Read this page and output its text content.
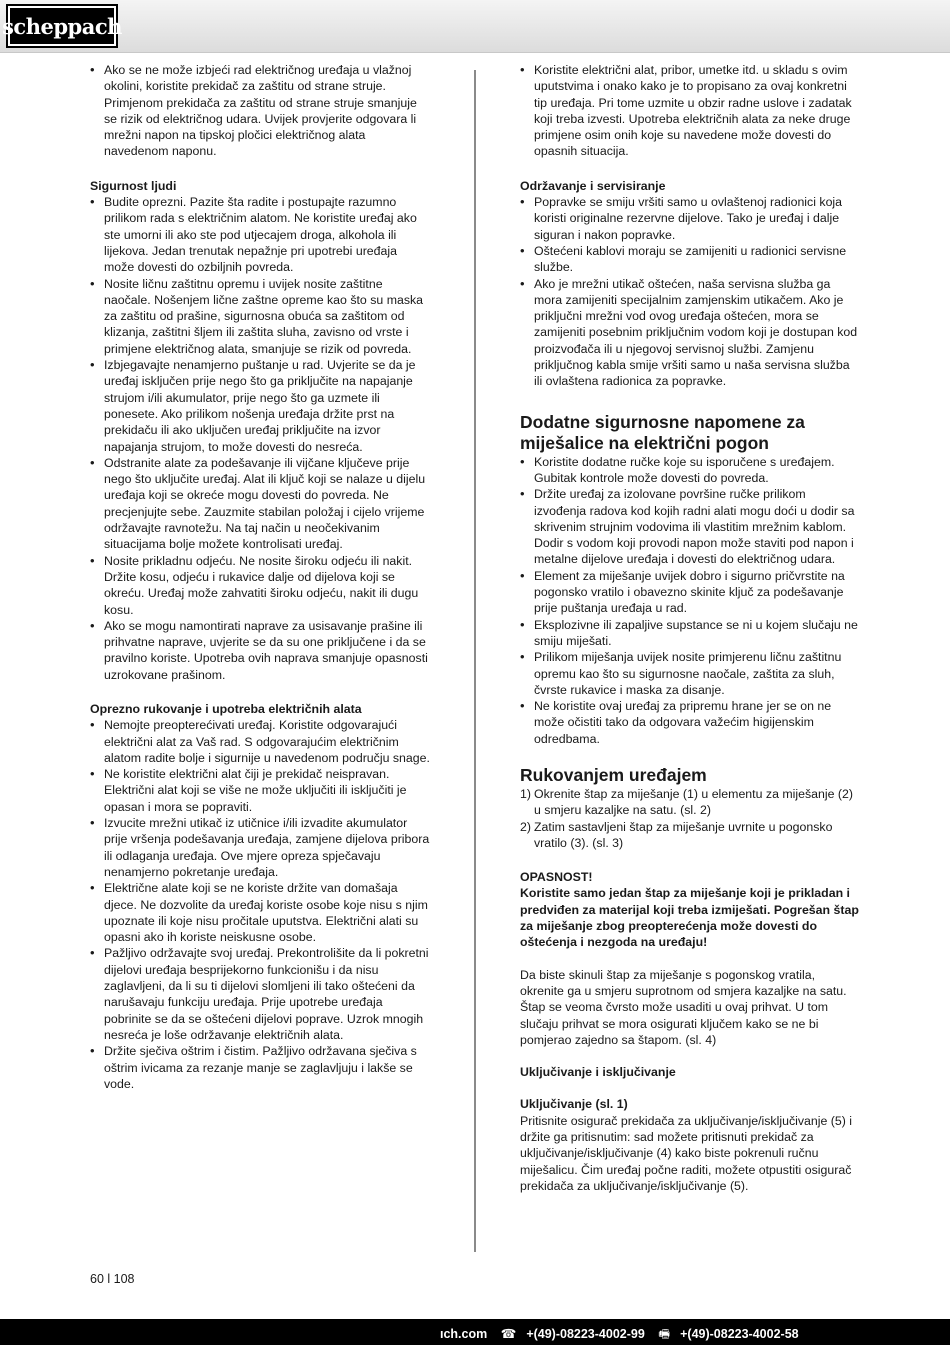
scheppach
• Ako se ne može izbjeći rad električnog uređaja u vlažnoj okolini, koristite prekidač za zaštitu od strane struje. Primjenom prekidača za zaštitu od strane struje smanjuje se rizik od električnog udara. Uvijek provjerite odgovara li mrežni napon na tipskoj pločici električnog alata navedenom naponu.

Sigurnost ljudi

• Budite oprezni. Pazite šta radite i postupajte razumno prilikom rada s električnim alatom. Ne koristite uređaj ako ste umorni ili ako ste pod utjecajem droga, alkohola ili lijekova. Jedan trenutak nepažnje pri upotrebi uređaja može dovesti do ozbiljnih povreda.
• Nosite ličnu zaštitnu opremu i uvijek nosite zaštitne naočale. Nošenjem lične zaštne opreme kao što su maska za zaštitu od prašine, sigurnosna obuća sa zaštitom od klizanja, zaštitni šljem ili zaštita sluha, zavisno od vrste i primjene električnog alata, smanjuje se rizik od povreda.
• Izbjegavajte nenamjerno puštanje u rad. Uvjerite se da je uređaj isključen prije nego što ga priključite na napajanje strujom i/ili akumulator, prije nego što ga uzmete ili ponesete. Ako prilikom nošenja uređaja držite prst na prekidaču ili ako uključen uređaj priključite na izvor napajanja strujom, to može dovesti do nesreća.
• Odstranite alate za podešavanje ili vijčane ključeve prije nego što uključite uređaj. Alat ili ključ koji se nalaze u dijelu uređaja koji se okreće mogu dovesti do povreda. Ne precjenjujte sebe. Zauzmite stabilan položaj i cijelo vrijeme održavajte ravnotežu. Na taj način u neočekivanim situacijama bolje možete kontrolisati uređaj.
• Nosite prikladnu odjeću. Ne nosite široku odjeću ili nakit. Držite kosu, odjeću i rukavice dalje od dijelova koji se okreću. Uređaj može zahvatiti široku odjeću, nakit ili dugu kosu.
• Ako se mogu namontirati naprave za usisavanje prašine ili prihvatne naprave, uvjerite se da su one priključene i da se pravilno koriste. Upotreba ovih naprava smanjuje opasnosti uzrokovane prašinom.

Oprezno rukovanje i upotreba električnih alata

• Nemojte preopterećivati uređaj. Koristite odgovarajući električni alat za Vaš rad. S odgovarajućim električnim alatom radite bolje i sigurnije u navedenom području snage.
• Ne koristite električni alat čiji je prekidač neispravan. Električni alat koji se više ne može uključiti ili isključiti je opasan i mora se popraviti.
• Izvucite mrežni utikač iz utičnice i/ili izvadite akumulator prije vršenja podešavanja uređaja, zamjene dijelova pribora ili odlaganja uređaja. Ove mjere opreza spječavaju nenamjerno pokretanje uređaja.
• Električne alate koji se ne koriste držite van domašaja djece. Ne dozvolite da uređaj koriste osobe koje nisu s njim upoznate ili koje nisu pročitale uputstva. Električni alati su opasni ako ih koriste neiskusne osobe.
• Pažljivo održavajte svoj uređaj. Prekontrolišite da li pokretni dijelovi uređaja besprijekorno funkcionišu i da nisu zaglavljeni, da li su ti dijelovi slomljeni ili tako oštećeni da narušavaju funkciju uređaja. Prije upotrebe uređaja pobrinite se da se oštećeni dijelovi poprave. Uzrok mnogih nesreća je loše održavanje električnih alata.
• Držite sječiva oštrim i čistim. Pažljivo održavana sječiva s oštrim ivicama za rezanje manje se zaglavljuju i lakše se vode.
• Koristite električni alat, pribor, umetke itd. u skladu s ovim uputstvima i onako kako je to propisano za ovaj konkretni tip uređaja. Pri tome uzmite u obzir radne uslove i zadatak koji treba izvesti. Upotreba električnih alata za neke druge primjene osim onih koje su navedene može dovesti do opasnih situacija.

Održavanje i servisiranje

• Popravke se smiju vršiti samo u ovlaštenoj radionici koja koristi originalne rezervne dijelove. Tako je uređaj i dalje siguran i nakon popravke.
• Oštećeni kablovi moraju se zamijeniti u radionici servisne službe.
• Ako je mrežni utikač oštećen, naša servisna služba ga mora zamijeniti specijalnim zamjenskim utikačem. Ako je priključni mrežni vod ovog uređaja oštećen, mora se zamijeniti posebnim priključnim vodom koji je dostupan kod proizvođača ili u njegovoj servisnoj službi. Zamjenu priključnog kabla smije vršiti samo u naša servisna služba ili ovlaštena radionica za popravke.

Dodatne sigurnosne napomene za miješalice na električni pogon

• Koristite dodatne ručke koje su isporučene s uređajem. Gubitak kontrole može dovesti do povreda.
• Držite uređaj za izolovane površine ručke prilikom izvođenja radova kod kojih radni alati mogu doći u dodir sa skrivenim strujnim vodovima ili vlastitim mrežnim kablom. Dodir s vodom koji provodi napon može staviti pod napon i metalne dijelove uređaja i dovesti do električnog udara.
• Element za miješanje uvijek dobro i sigurno pričvrstite na pogonsko vratilo i obavezno skinite ključ za podešavanje prije puštanja uređaja u rad.
• Eksplozivne ili zapaljive supstance se ni u kojem slučaju ne smiju miješati.
• Prilikom miješanja uvijek nosite primjerenu ličnu zaštitnu opremu kao što su sigurnosne naočale, zaštita za sluh, čvrste rukavice i maska za disanje.
• Ne koristite ovaj uređaj za pripremu hrane jer se on ne može očistiti tako da odgovara važećim higijenskim odredbama.

Rukovanjem uređajem

1) Okrenite štap za miješanje (1) u elementu za miješanje (2) u smjeru kazaljke na satu. (sl. 2)
2) Zatim sastavljeni štap za miješanje uvrnite u pogonsko vratilo (3). (sl. 3)

OPASNOST!

Koristite samo jedan štap za miješanje koji je prikladan i predviđen za materijal koji treba izmiješati. Pogrešan štap za miješanje zbog preopterećenja može dovesti do oštećenja i nezgoda na uređaju!

Da biste skinuli štap za miješanje s pogonskog vratila, okrenite ga u smjeru suprotnom od smjera kazaljke na satu. Štap se veoma čvrsto može usaditi u ovaj prihvat. U tom slučaju prihvat se mora osigurati ključem kako se ne bi pomjerao zajedno sa štapom. (sl. 4)

Uključivanje i isključivanje

Uključivanje (sl. 1)

Pritisnite osigurač prekidača za uključivanje/isključivanje (5) i držite ga pritisnutim: sad možete pritisnuti prekidač za uključivanje/isključivanje (4) kako biste pokrenuli ručnu miješalicu. Čim uređaj počne raditi, možete otpustiti osigurač prekidača za uključivanje/isključivanje (5).

60 l 108
ıch.com ☎ +(49)-08223-4002-99 🖷 +(49)-08223-4002-58
